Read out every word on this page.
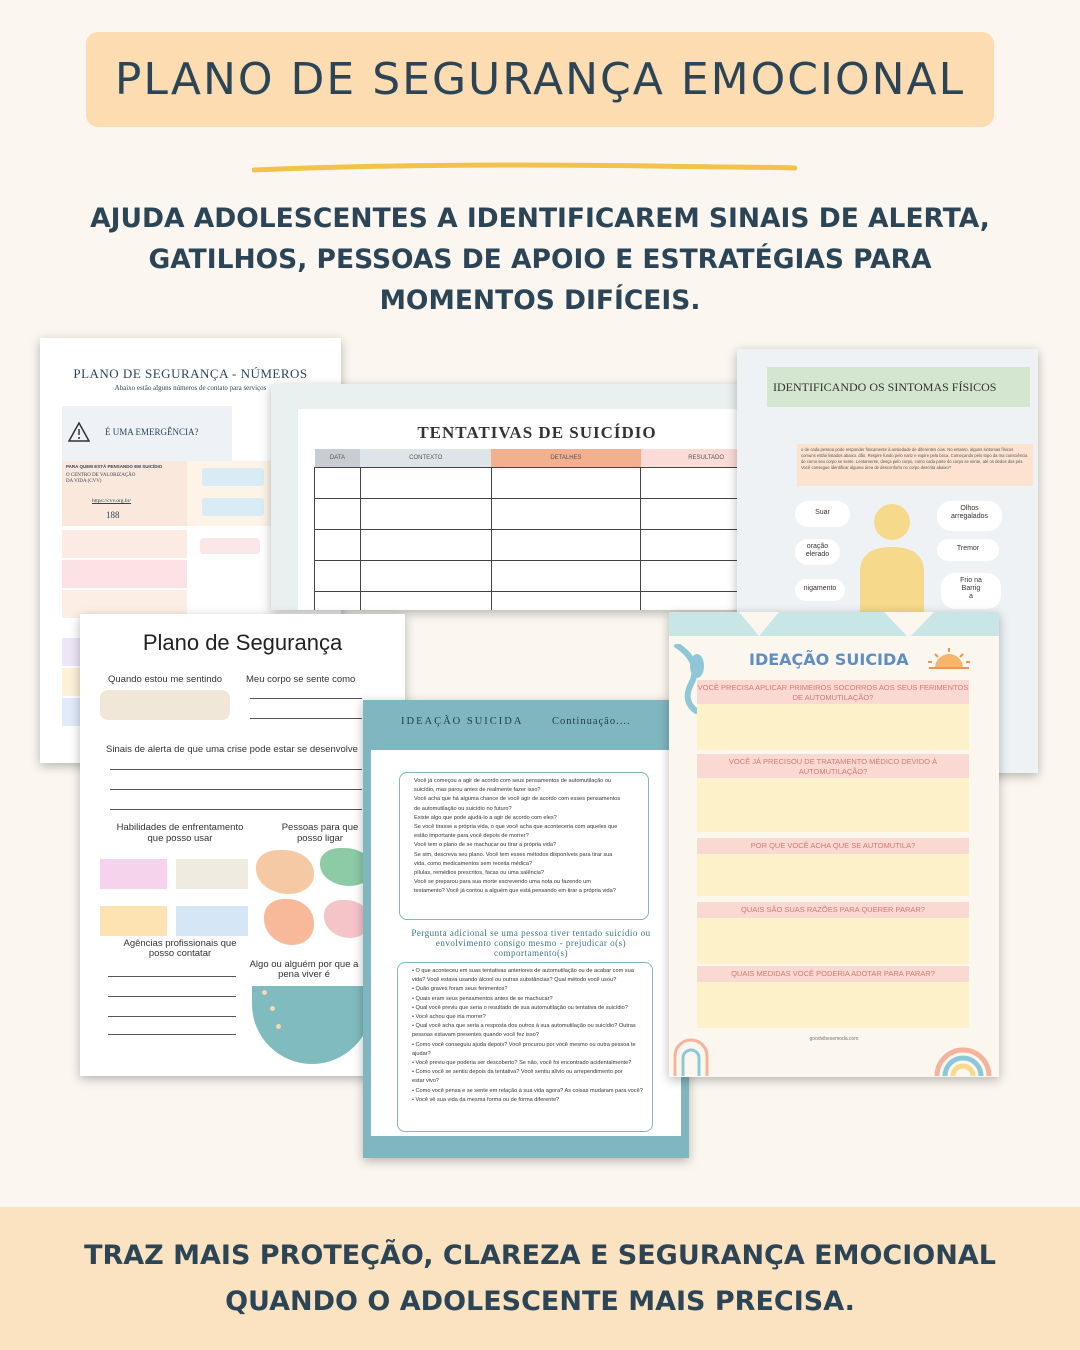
PLANO DE SEGURANÇA EMOCIONAL
AJUDA ADOLESCENTES A IDENTIFICAREM SINAIS DE ALERTA,
GATILHOS, PESSOAS DE APOIO E ESTRATÉGIAS PARA
MOMENTOS DIFÍCEIS.
PLANO DE SEGURANÇA - NÚMEROS
Abaixo estão alguns números de contato para serviços
É UMA EMERGÊNCIA?
PARA QUEM ESTÁ PENSANDO EM SUICÍDIO
O CENTRO DE VALORIZAÇÃO DA VIDA (CVV)
https://cvv.org.br/
188
TENTATIVAS DE SUICÍDIO
DATA	CONTEXTO	DETALHES	RESULTADO

IDENTIFICANDO OS SINTOMAS FÍSICOS
o de cada pessoa pode responder fisicamente à ansiedade de diferentes cias. No entanto, alguns sintomas físicos comuns estão listados abaixo. dão. Respire fundo pelo nariz e expire pela boca. Começando pelo topo da ma consciência de como seu corpo se sente. Lentamente, desça pelo corpo, como cada parte do corpo se sente, até os dedos dos pés. Você consegue identificar alguma área de desconforto no corpo descrita abaixo?
Suar
Olhos
arregalados
oração
elerado
Tremor
nigamento
Frio na
Barrig
a
Plano de Segurança
Quando estou me sentindo	Meu corpo se sente como
Sinais de alerta de que uma crise pode estar se desenvolve
Habilidades de enfrentamento que posso usar
Pessoas para que posso ligar
Agências profissionais que posso contatar
Algo ou alguém por que a pena viver é
IDEAÇÃO SUICIDA	Continuação....
Você já começou a agir de acordo com seus pensamentos de automutilação ou
suicídio, mas parou antes de realmente fazer isso?
Você acha que há alguma chance de você agir de acordo com esses pensamentos
de automutilação ou suicídio no futuro?
Existe algo que pode ajudá-lo a agir de acordo com eles?
Se você tirasse a própria vida, o que você acha que aconteceria com aqueles que
estão importante para você depois de morrer?
Você tem o plano de se machucar ou tirar a própria vida?
Se sim, descreva seu plano. Você tem esses métodos disponíveis para tirar sua
vida, como medicamentos sem receita médica?
pílulas, remédios prescritos, facas ou uma salência?
Você se preparou para sua morte escrevendo uma nota ou fazendo um
testamento? Você já contou a alguém que está pensando em tirar a própria vida?
Pergunta adicional se uma pessoa tiver tentado suicídio ou envolvimento consigo mesmo - prejudicar o(s) comportamento(s)
• O que aconteceu em suas tentativas anteriores de automutilação ou de acabar com sua
vida? Você estava usando álcool ou outras substâncias? Qual método você usou?
• Quão graves foram seus ferimentos?
• Quais eram seus pensamentos antes de se machucar?
• Qual você previu que seria o resultado de sua automutilação ou tentativa de suicídio?
• Você achou que iria morrer?
• Qual você acha que seria a resposta dos outros à sua automutilação ou suicídio? Outras
pessoas estavam presentes quando você fez isso?
• Como você conseguiu ajuda depois? Você procurou por você mesmo ou outra pessoa te
ajudar?
• Você previu que poderia ser descoberto? Se não, você foi encontrado acidentalmente?
• Como você se sentiu depois da tentativa? Você sentiu alívio ou arrependimento por
estar vivo?
• Como você pensa e se sente em relação à sua vida agora? As coisas mudaram para você?
• Você vê sua vida da mesma forma ou de forma diferente?
IDEAÇÃO SUICIDA
VOCÊ PRECISA APLICAR PRIMEIROS SOCORROS AOS SEUS FERIMENTOS DE AUTOMUTILAÇÃO?
VOCÊ JÁ PRECISOU DE TRATAMENTO MÉDICO DEVIDO À AUTOMUTILAÇÃO?
POR QUE VOCÊ ACHA QUE SE AUTOMUTILA?
QUAIS SÃO SUAS RAZÕES PARA QUERER PARAR?
QUAIS MEDIDAS VOCÊ PODERIA ADOTAR PARA PARAR?
goodvibesemoda.com

TRAZ MAIS PROTEÇÃO, CLAREZA E SEGURANÇA EMOCIONAL
QUANDO O ADOLESCENTE MAIS PRECISA.
